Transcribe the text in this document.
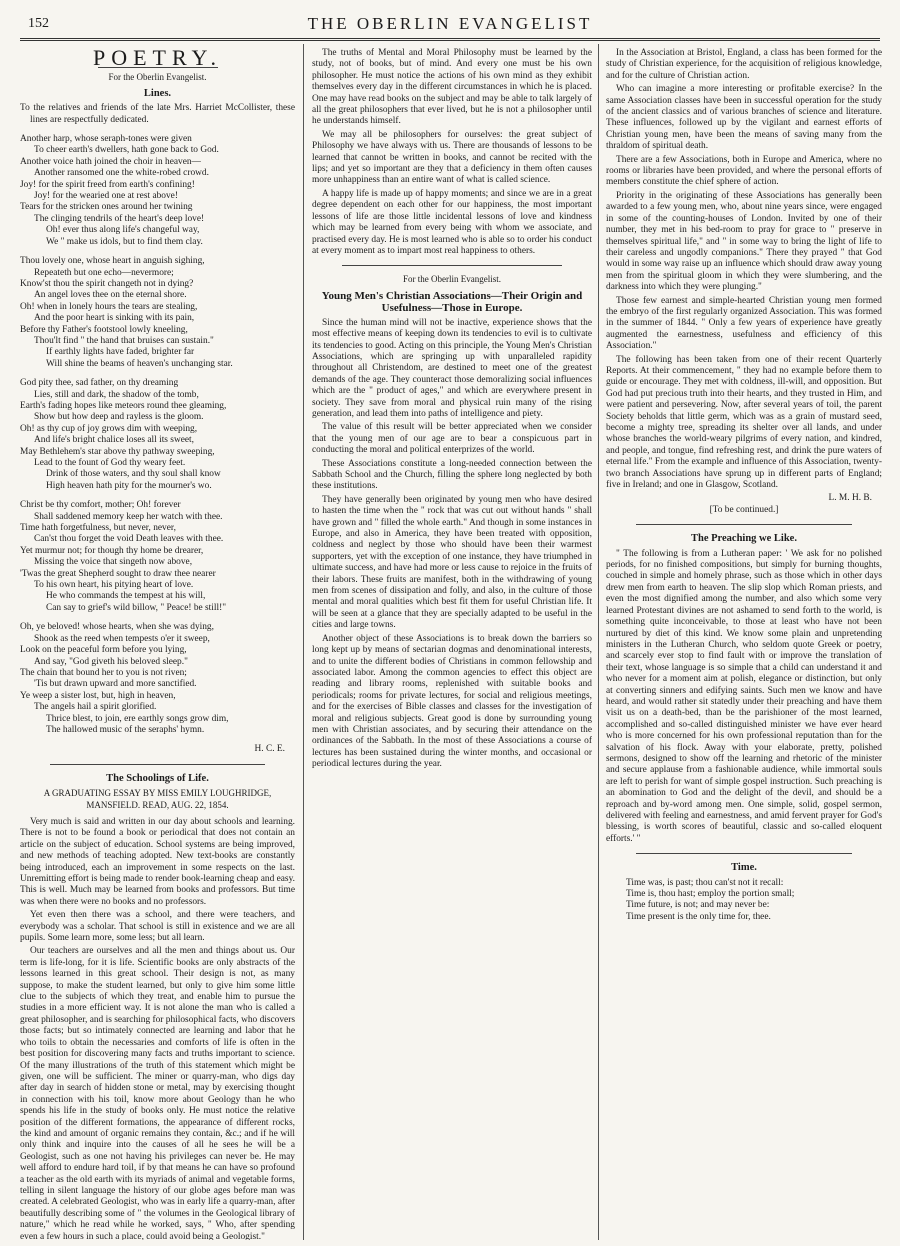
152	THE OBERLIN EVANGELIST
POETRY.
For the Oberlin Evangelist.
Lines.
To the relatives and friends of the late Mrs. Harriet McCollister, these lines are respectfully dedicated.
Another harp, whose seraph-tones were given
To cheer earth's dwellers, hath gone back to God.
Another voice hath joined the choir in heaven—
Another ransomed one the white-robed crowd.
Joy! for the spirit freed from earth's confining!
Joy! for the wearied one at rest above!
Tears for the stricken ones around her twining
The clinging tendrils of the heart's deep love!
Oh! ever thus along life's changeful way,
We " make us idols, but to find them clay.
Thou lovely one, whose heart in anguish sighing,
Repeateth but one echo—nevermore;
Know'st thou the spirit changeth not in dying?
An angel loves thee on the eternal shore.
Oh! when in lonely hours the tears are stealing,
And the poor heart is sinking with its pain,
Before thy Father's footstool lowly kneeling,
Thou'lt find " the hand that bruises can sustain."
If earthly lights have faded, brighter far
Will shine the beams of heaven's unchanging star.
God pity thee, sad father, on thy dreaming
Lies, still and dark, the shadow of the tomb,
Earth's fading hopes like meteors round thee gleaming,
Show but how deep and rayless is the gloom.
Oh! as thy cup of joy grows dim with weeping,
And life's bright chalice loses all its sweet,
May Bethlehem's star above thy pathway sweeping,
Lead to the fount of God thy weary feet.
Drink of those waters, and thy soul shall know
High heaven hath pity for the mourner's wo.
Christ be thy comfort, mother; Oh! forever
Shall saddened memory keep her watch with thee.
Time hath forgetfulness, but never, never,
Can'st thou forget the void Death leaves with thee.
Yet murmur not; for though thy home be drearer,
Missing the voice that singeth now above,
'Twas the great Shepherd sought to draw thee nearer
To his own heart, his pitying heart of love.
He who commands the tempest at his will,
Can say to grief's wild billow, " Peace! be still!"
Oh, ye beloved! whose hearts, when she was dying,
Shook as the reed when tempests o'er it sweep,
Look on the peaceful form before you lying,
And say, "God giveth his beloved sleep."
The chain that bound her to you is not riven;
'Tis but drawn upward and more sanctified.
Ye weep a sister lost, but, high in heaven,
The angels hail a spirit glorified.
Thrice blest, to join, ere earthly songs grow dim,
The hallowed music of the seraphs' hymn.
H. C. E.
The Schoolings of Life.
A GRADUATING ESSAY BY MISS EMILY LOUGHRIDGE, MANSFIELD. READ, AUG. 22, 1854.

Very much is said and written in our day about schools and learning. There is not to be found a book or periodical that does not contain an article on the subject of education. School systems are being improved, and new methods of teaching adopted. New text-books are constantly being introduced, each an improvement in some respects on the last. Unremitting effort is being made to render book-learning cheap and easy. This is well. Much may be learned from books and professors. But time was when there were no books and no professors.

Yet even then there was a school, and there were teachers, and everybody was a scholar. That school is still in existence and we are all pupils. Some learn more, some less; but all learn.

Our teachers are ourselves and all the men and things about us. Our term is life-long, for it is life. Scientific books are only abstracts of the lessons learned in this great school. Their design is not, as many suppose, to make the student learned, but only to give him some little clue to the subjects of which they treat, and enable him to pursue the studies in a more efficient way. It is not alone the man who is called a great philosopher, and is searching for philosophical facts, who discovers those facts; but so intimately connected are learning and labor that he who toils to obtain the necessaries and comforts of life is often in the best position for discovering many facts and truths important to science. Of the many illustrations of the truth of this statement which might be given, one will be sufficient. The miner or quarry-man, who digs day after day in search of hidden stone or metal, may by exercising thought in connection with his toil, know more about Geology than he who spends his life in the study of books only. He must notice the relative position of the different formations, the appearance of different rocks, the kind and amount of organic remains they contain, &c.; and if he will only think and inquire into the causes of all he sees he will be a Geologist, such as one not having his privileges can never be. He may well afford to endure hard toil, if by that means he can have so profound a teacher as the old earth with its myriads of animal and vegetable forms, telling in silent language the history of our globe ages before man was created. A celebrated Geologist, who was in early life a quarry-man, after beautifully describing some of " the volumes in the Geological library of nature," which he read while he worked, says, " Who, after spending even a few hours in such a place, could avoid being a Geologist."

The truths of Mental and Moral Philosophy must be learned by the study, not of books, but of mind. And every one must be his own philosopher. He must notice the actions of his own mind as they exhibit themselves every day in the different circumstances in which he is placed. One may have read books on the subject and may be able to talk largely of all the great philosophers that ever lived, but he is not a philosopher until he understands himself.

We may all be philosophers for ourselves: the great subject of Philosophy we have always with us. There are thousands of lessons to be learned that cannot be written in books, and cannot be recited with the lips; and yet so important are they that a deficiency in them often causes more unhappiness than an entire want of what is called science.

A happy life is made up of happy moments; and since we are in a great degree dependent on each other for our happiness, the most important lessons of life are those little incidental lessons of love and kindness which may be learned from every being with whom we associate, and practised every day. He is most learned who is able so to order his conduct at every moment as to impart most real happiness to others.

For the Oberlin Evangelist.
Young Men's Christian Associations—Their Origin and Usefulness—Those in Europe.

Since the human mind will not be inactive, experience shows that the most effective means of keeping down its tendencies to evil is to cultivate its tendencies to good. Acting on this principle, the Young Men's Christian Associations, which are springing up with unparalleled rapidity throughout all Christendom, are destined to meet one of the greatest demands of the age. They counteract those demoralizing social influences which are the " product of ages," and which are everywhere present in society. They save from moral and physical ruin many of the rising generation, and lead them into paths of intelligence and piety.

The value of this result will be better appreciated when we consider that the young men of our age are to bear a conspicuous part in conducting the moral and political enterprizes of the world.

These Associations constitute a long-needed connection between the Sabbath School and the Church, filling the sphere long neglected by both these institutions.

They have generally been originated by young men who have desired to hasten the time when the " rock that was cut out without hands " shall have grown and " filled the whole earth." And though in some instances in Europe, and also in America, they have been treated with opposition, coldness and neglect by those who should have been their warmest supporters, yet with the exception of one instance, they have triumphed in ultimate success, and have had more or less cause to rejoice in the fruits of their labors. These fruits are manifest, both in the withdrawing of young men from scenes of dissipation and folly, and also, in the culture of those mental and moral qualities which best fit them for useful Christian life. It will be seen at a glance that they are specially adapted to be useful in the cities and large towns.

Another object of these Associations is to break down the barriers so long kept up by means of sectarian dogmas and denominational interests, and to unite the different bodies of Christians in common fellowship and associated labor. Among the common agencies to effect this object are reading and library rooms, replenished with suitable books and periodicals; rooms for private lectures, for social and religious meetings, and for the exercises of Bible classes and classes for the investigation of moral and religious subjects. Great good is done by surrounding young men with Christian associates, and by securing their attendance on the ordinances of the Sabbath. In the most of these Associations a course of lectures has been sustained during the winter months, and occasional or periodical lectures during the year.

In the Association at Bristol, England, a class has been formed for the study of Christian experience, for the acquisition of religious knowledge, and for the culture of Christian action.

Who can imagine a more interesting or profitable exercise? In the same Association classes have been in successful operation for the study of the ancient classics and of various branches of science and literature. These influences, followed up by the vigilant and earnest efforts of Christian young men, have been the means of saving many from the thraldom of spiritual death.

There are a few Associations, both in Europe and America, where no rooms or libraries have been provided, and where the personal efforts of members constitute the chief sphere of action.

Priority in the originating of these Associations has generally been awarded to a few young men, who, about nine years since, were engaged in some of the counting-houses of London. Invited by one of their number, they met in his bed-room to pray for grace to " preserve in themselves spiritual life," and " in some way to bring the light of life to their careless and ungodly companions." There they prayed " that God would in some way raise up an influence which should draw away young men from the spiritual gloom in which they were slumbering, and the darkness into which they were plunging."

Those few earnest and simple-hearted Christian young men formed the embryo of the first regularly organized Association. This was formed in the summer of 1844. " Only a few years of experience have greatly augmented the earnestness, usefulness and efficiency of this Association."

The following has been taken from one of their recent Quarterly Reports. At their commencement, " they had no example before them to guide or encourage. They met with coldness, ill-will, and opposition. But God had put precious truth into their hearts, and they trusted in Him, and were patient and persevering. Now, after several years of toil, the parent Society beholds that little germ, which was as a grain of mustard seed, become a mighty tree, spreading its shelter over all lands, and under whose branches the world-weary pilgrims of every nation, and kindred, and people, and tongue, find refreshing rest, and drink the pure waters of eternal life." From the example and influence of this Association, twenty-two branch Associations have sprung up in different parts of England; five in Ireland; and one in Glasgow, Scotland.

L. M. H. B.
[To be continued.]
The Preaching we Like.

" The following is from a Lutheran paper: ' We ask for no polished periods, for no finished compositions, but simply for burning thoughts, couched in simple and homely phrase, such as those which in other days drew men from earth to heaven. The slip slop which Roman priests, and even the most dignified among the number, and also which some very learned Protestant divines are not ashamed to send forth to the world, is something quite inconceivable, to those at least who have not been nurtured by diet of this kind. We know some plain and unpretending ministers in the Lutheran Church, who seldom quote Greek or poetry, and scarcely ever stop to find fault with or improve the translation of their text, whose language is so simple that a child can understand it and who never for a moment aim at polish, elegance or distinction, but only at converting sinners and edifying saints. Such men we know and have heard, and would rather sit statedly under their preaching and have them visit us on a death-bed, than be the parishioner of the most learned, accomplished and so-called distinguished minister we have ever heard who is more concerned for his own professional reputation than for the salvation of his flock. Away with your elaborate, pretty, polished sermons, designed to show off the learning and rhetoric of the minister and secure applause from a fashionable audience, while immortal souls are left to perish for want of simple gospel instruction. Such preaching is an abomination to God and the delight of the devil, and should be a reproach and by-word among men. One simple, solid, gospel sermon, delivered with feeling and earnestness, and amid fervent prayer for God's blessing, is worth scores of beautiful, classic and so-called eloquent efforts.' "

Time.
Time was, is past; thou can'st not it recall:
Time is, thou hast; employ the portion small;
Time future, is not; and may never be:
Time present is the only time for, thee.
